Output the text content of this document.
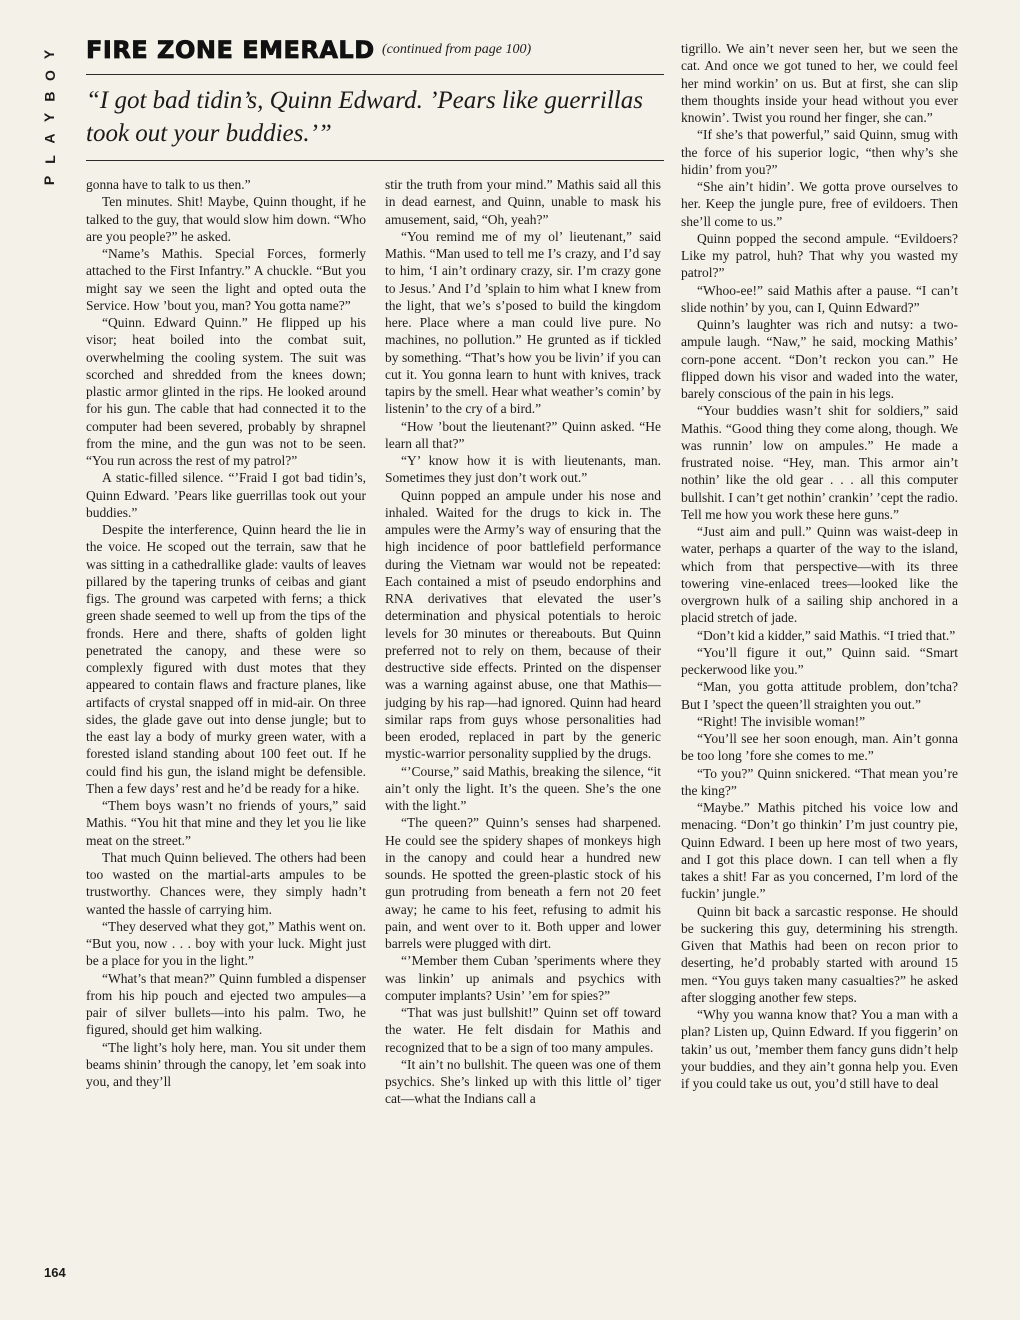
Y
O
B
Y
A
L
P
FIRE ZONE EMERALD (continued from page 100)

“I got bad tidin’s, Quinn Edward. ’Pears like guerrillas took out your buddies.’”

gonna have to talk to us then.”

Ten minutes. Shit! Maybe, Quinn thought, if he talked to the guy, that would slow him down. “Who are you people?” he asked.

“Name’s Mathis. Special Forces, formerly attached to the First Infantry.” A chuckle. “But you might say we seen the light and opted outa the Service. How ’bout you, man? You gotta name?”

“Quinn. Edward Quinn.” He flipped up his visor; heat boiled into the combat suit, overwhelming the cooling system. The suit was scorched and shredded from the knees down; plastic armor glinted in the rips. He looked around for his gun. The cable that had connected it to the computer had been severed, probably by shrapnel from the mine, and the gun was not to be seen. “You run across the rest of my patrol?”

A static-filled silence. “’Fraid I got bad tidin’s, Quinn Edward. ’Pears like guerrillas took out your buddies.”

Despite the interference, Quinn heard the lie in the voice. He scoped out the terrain, saw that he was sitting in a cathedrallike glade: vaults of leaves pillared by the tapering trunks of ceibas and giant figs. The ground was carpeted with ferns; a thick green shade seemed to well up from the tips of the fronds. Here and there, shafts of golden light penetrated the canopy, and these were so complexly figured with dust motes that they appeared to contain flaws and fracture planes, like artifacts of crystal snapped off in mid-air. On three sides, the glade gave out into dense jungle; but to the east lay a body of murky green water, with a forested island standing about 100 feet out. If he could find his gun, the island might be defensible. Then a few days’ rest and he’d be ready for a hike.

“Them boys wasn’t no friends of yours,” said Mathis. “You hit that mine and they let you lie like meat on the street.”

That much Quinn believed. The others had been too wasted on the martial-arts ampules to be trustworthy. Chances were, they simply hadn’t wanted the hassle of carrying him.

“They deserved what they got,” Mathis went on. “But you, now . . . boy with your luck. Might just be a place for you in the light.”

“What’s that mean?” Quinn fumbled a dispenser from his hip pouch and ejected two ampules—a pair of silver bullets—into his palm. Two, he figured, should get him walking.

“The light’s holy here, man. You sit under them beams shinin’ through the canopy, let ’em soak into you, and they’ll

stir the truth from your mind.” Mathis said all this in dead earnest, and Quinn, unable to mask his amusement, said, “Oh, yeah?”

“You remind me of my ol’ lieutenant,” said Mathis. “Man used to tell me I’s crazy, and I’d say to him, ‘I ain’t ordinary crazy, sir. I’m crazy gone to Jesus.’ And I’d ’splain to him what I knew from the light, that we’s s’posed to build the kingdom here. Place where a man could live pure. No machines, no pollution.” He grunted as if tickled by something. “That’s how you be livin’ if you can cut it. You gonna learn to hunt with knives, track tapirs by the smell. Hear what weather’s comin’ by listenin’ to the cry of a bird.”

“How ’bout the lieutenant?” Quinn asked. “He learn all that?”

“Y’ know how it is with lieutenants, man. Sometimes they just don’t work out.”

Quinn popped an ampule under his nose and inhaled. Waited for the drugs to kick in. The ampules were the Army’s way of ensuring that the high incidence of poor battlefield performance during the Vietnam war would not be repeated: Each contained a mist of pseudo endorphins and RNA derivatives that elevated the user’s determination and physical potentials to heroic levels for 30 minutes or thereabouts. But Quinn preferred not to rely on them, because of their destructive side effects. Printed on the dispenser was a warning against abuse, one that Mathis—judging by his rap—had ignored. Quinn had heard similar raps from guys whose personalities had been eroded, replaced in part by the generic mystic-warrior personality supplied by the drugs.

“’Course,” said Mathis, breaking the silence, “it ain’t only the light. It’s the queen. She’s the one with the light.”

“The queen?” Quinn’s senses had sharpened. He could see the spidery shapes of monkeys high in the canopy and could hear a hundred new sounds. He spotted the green-plastic stock of his gun protruding from beneath a fern not 20 feet away; he came to his feet, refusing to admit his pain, and went over to it. Both upper and lower barrels were plugged with dirt.

“’Member them Cuban ’speriments where they was linkin’ up animals and psychics with computer implants? Usin’ ’em for spies?”

“That was just bullshit!” Quinn set off toward the water. He felt disdain for Mathis and recognized that to be a sign of too many ampules.

“It ain’t no bullshit. The queen was one of them psychics. She’s linked up with this little ol’ tiger cat—what the Indians call a

tigrillo. We ain’t never seen her, but we seen the cat. And once we got tuned to her, we could feel her mind workin’ on us. But at first, she can slip them thoughts inside your head without you ever knowin’. Twist you round her finger, she can.”

“If she’s that powerful,” said Quinn, smug with the force of his superior logic, “then why’s she hidin’ from you?”

“She ain’t hidin’. We gotta prove ourselves to her. Keep the jungle pure, free of evildoers. Then she’ll come to us.”

Quinn popped the second ampule. “Evildoers? Like my patrol, huh? That why you wasted my patrol?”

“Whoo-ee!” said Mathis after a pause. “I can’t slide nothin’ by you, can I, Quinn Edward?”

Quinn’s laughter was rich and nutsy: a two-ampule laugh. “Naw,” he said, mocking Mathis’ corn-pone accent. “Don’t reckon you can.” He flipped down his visor and waded into the water, barely conscious of the pain in his legs.

“Your buddies wasn’t shit for soldiers,” said Mathis. “Good thing they come along, though. We was runnin’ low on ampules.” He made a frustrated noise. “Hey, man. This armor ain’t nothin’ like the old gear . . . all this computer bullshit. I can’t get nothin’ crankin’ ’cept the radio. Tell me how you work these here guns.”

“Just aim and pull.” Quinn was waist-deep in water, perhaps a quarter of the way to the island, which from that perspective—with its three towering vine-enlaced trees—looked like the overgrown hulk of a sailing ship anchored in a placid stretch of jade.

“Don’t kid a kidder,” said Mathis. “I tried that.”

“You’ll figure it out,” Quinn said. “Smart peckerwood like you.”

“Man, you gotta attitude problem, don’tcha? But I ’spect the queen’ll straighten you out.”

“Right! The invisible woman!”

“You’ll see her soon enough, man. Ain’t gonna be too long ’fore she comes to me.”

“To you?” Quinn snickered. “That mean you’re the king?”

“Maybe.” Mathis pitched his voice low and menacing. “Don’t go thinkin’ I’m just country pie, Quinn Edward. I been up here most of two years, and I got this place down. I can tell when a fly takes a shit! Far as you concerned, I’m lord of the fuckin’ jungle.”

Quinn bit back a sarcastic response. He should be suckering this guy, determining his strength. Given that Mathis had been on recon prior to deserting, he’d probably started with around 15 men. “You guys taken many casualties?” he asked after slogging another few steps.

“Why you wanna know that? You a man with a plan? Listen up, Quinn Edward. If you figgerin’ on takin’ us out, ’member them fancy guns didn’t help your buddies, and they ain’t gonna help you. Even if you could take us out, you’d still have to deal

164
